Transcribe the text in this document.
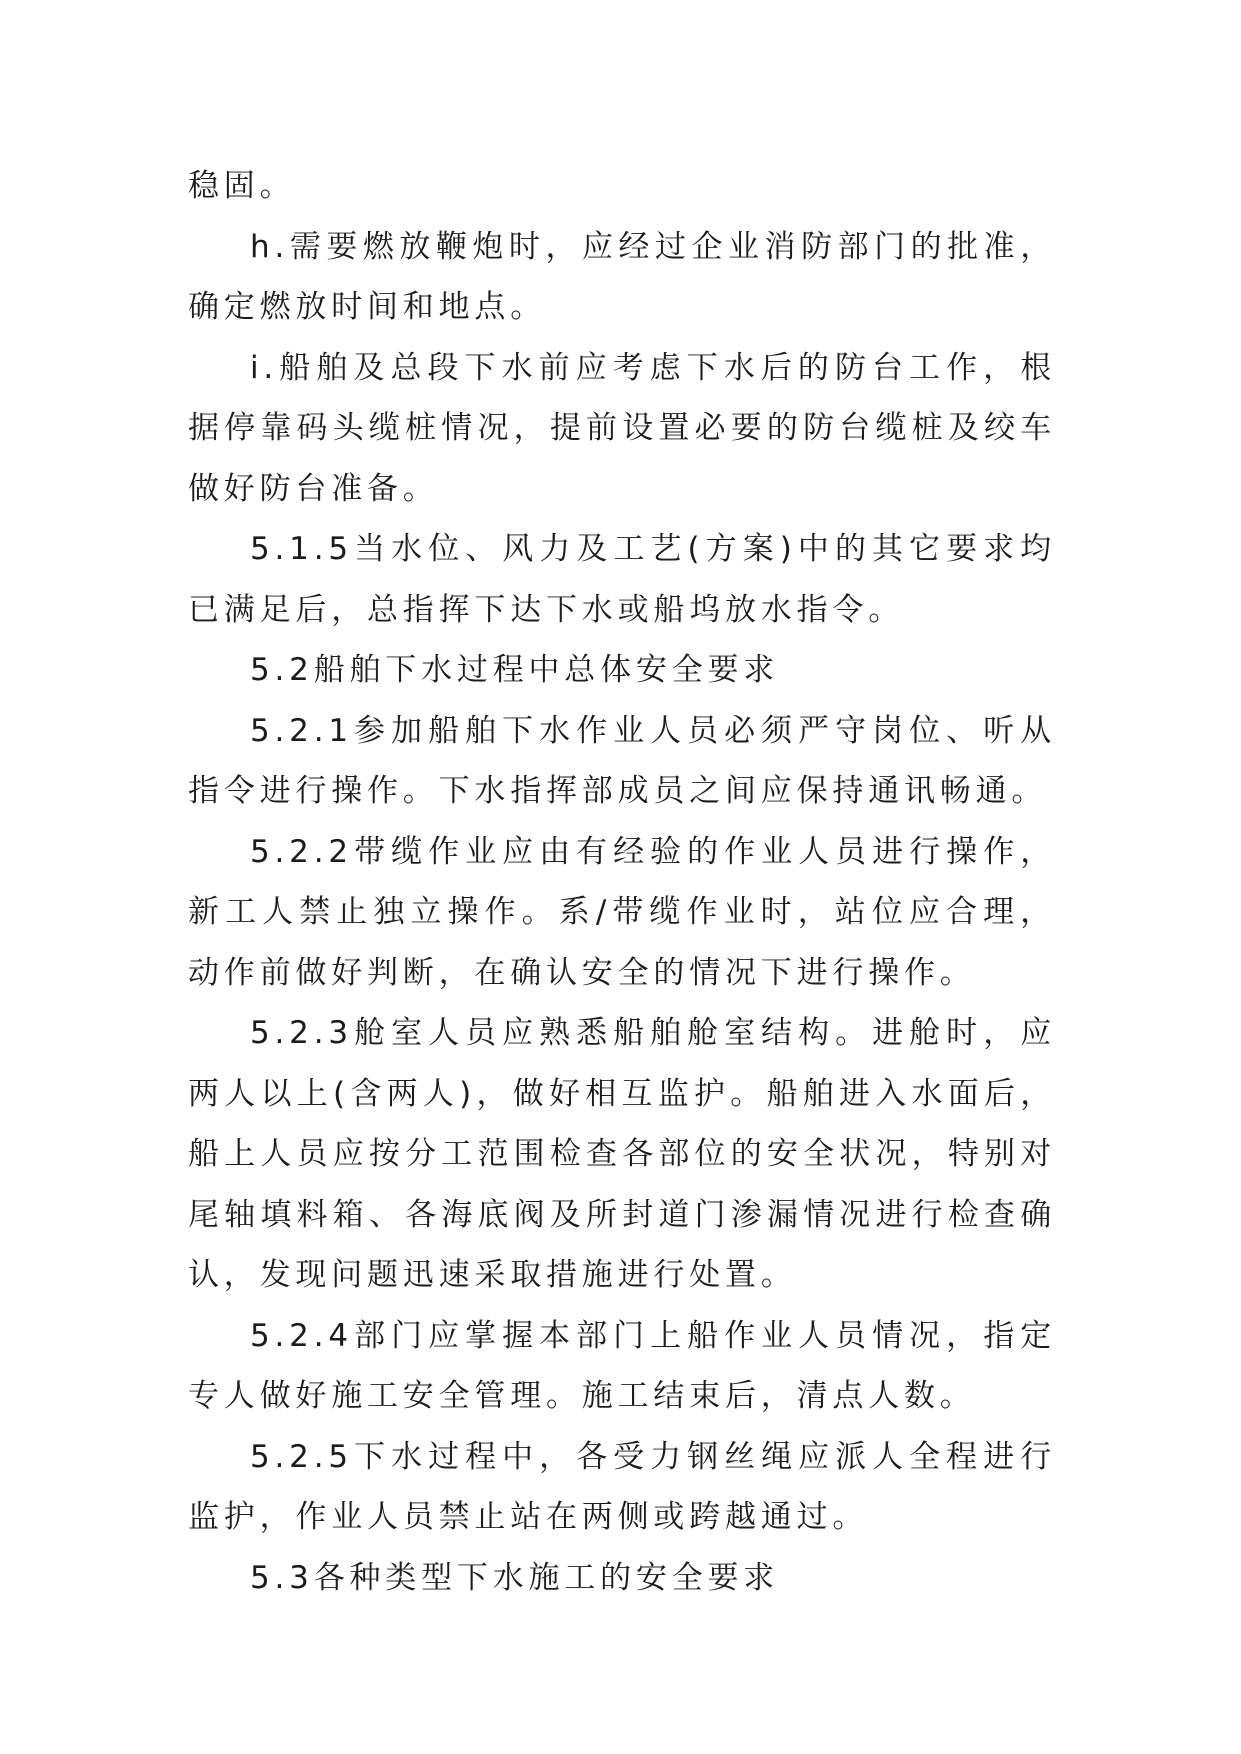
稳固。

h.需要燃放鞭炮时，应经过企业消防部门的批准，确定燃放时间和地点。

i.船舶及总段下水前应考虑下水后的防台工作，根据停靠码头缆桩情况，提前设置必要的防台缆桩及绞车做好防台准备。

5.1.5当水位、风力及工艺(方案)中的其它要求均已满足后，总指挥下达下水或船坞放水指令。

5.2船舶下水过程中总体安全要求

5.2.1参加船舶下水作业人员必须严守岗位、听从指令进行操作。下水指挥部成员之间应保持通讯畅通。

5.2.2带缆作业应由有经验的作业人员进行操作，新工人禁止独立操作。系/带缆作业时，站位应合理，动作前做好判断，在确认安全的情况下进行操作。

5.2.3舱室人员应熟悉船舶舱室结构。进舱时，应两人以上(含两人)，做好相互监护。船舶进入水面后，船上人员应按分工范围检查各部位的安全状况，特别对尾轴填料箱、各海底阀及所封道门渗漏情况进行检查确认，发现问题迅速采取措施进行处置。

5.2.4部门应掌握本部门上船作业人员情况，指定专人做好施工安全管理。施工结束后，清点人数。

5.2.5下水过程中，各受力钢丝绳应派人全程进行监护，作业人员禁止站在两侧或跨越通过。

5.3各种类型下水施工的安全要求
